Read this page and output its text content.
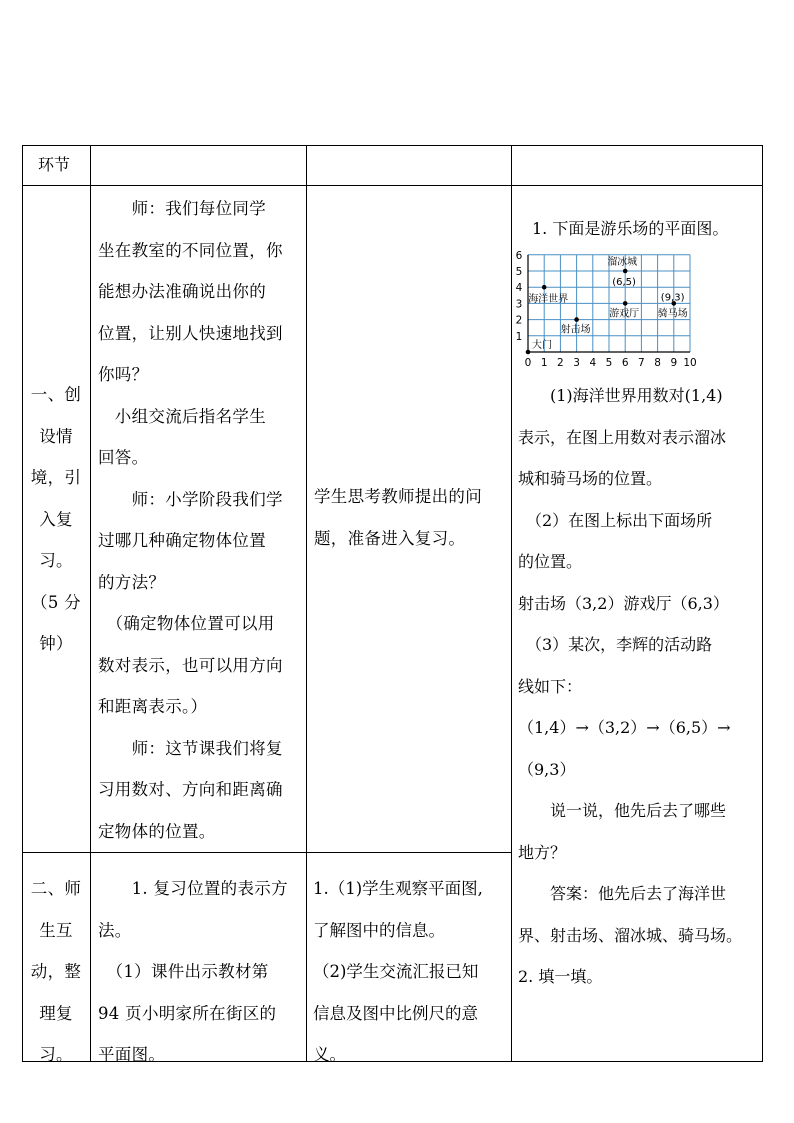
环节

一、创

设情

境，引

入复

习。

（5 分

钟）

　　师：我们每位同学

坐在教室的不同位置，你

能想办法准确说出你的

位置，让别人快速地找到

你吗？

　小组交流后指名学生

回答。

　　师：小学阶段我们学

过哪几种确定物体位置

的方法？

　（确定物体位置可以用

数对表示，也可以用方向

和距离表示。）

　　师：这节课我们将复

习用数对、方向和距离确

定物体的位置。

学生思考教师提出的问

题，准备进入复习。

二、师

生互

动，整

理复

习。

　　1. 复习位置的表示方

法。

　（1）课件出示教材第

94 页小明家所在街区的

平面图。

1.（1)学生观察平面图,

了解图中的信息。

（2)学生交流汇报已知

信息及图中比例尺的意

义。

　1. 下面是游乐场的平面图。
0 1 2 3 4 5 6 7 8 9 10
1
2
3
4
5
6
大门
海洋世界
射击场
游戏厅
溜冰城
(6,5)
骑马场
(9,3)

　　(1)海洋世界用数对(1,4)

表示，在图上用数对表示溜冰

城和骑马场的位置。

　（2）在图上标出下面场所

的位置。

射击场（3,2）游戏厅（6,3）

　（3）某次，李辉的活动路

线如下：

（1,4）→（3,2）→（6,5）→

（9,3）

　　说一说，他先后去了哪些

地方？

　　答案：他先后去了海洋世

界、射击场、溜冰城、骑马场。

2. 填一填。
